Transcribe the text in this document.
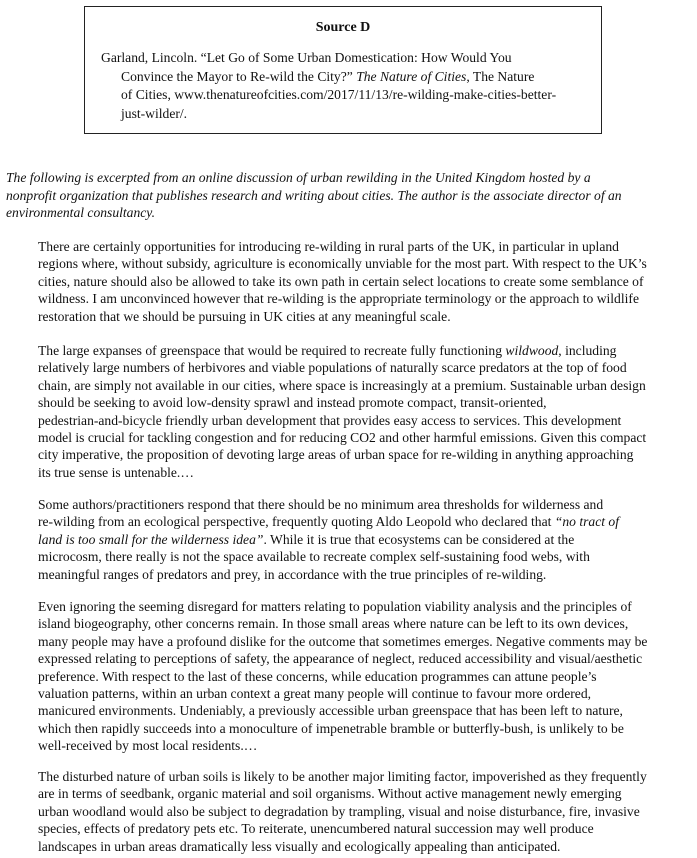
Source D
Garland, Lincoln. “Let Go of Some Urban Domestication: How Would You
Convince the Mayor to Re-wild the City?” The Nature of Cities, The Nature
of Cities, www.thenatureofcities.com/2017/11/13/re-wilding-make-cities-better-
just-wilder/.
The following is excerpted from an online discussion of urban rewilding in the United Kingdom hosted by a
nonprofit organization that publishes research and writing about cities. The author is the associate director of an
environmental consultancy.
There are certainly opportunities for introducing re-wilding in rural parts of the UK, in particular in upland
regions where, without subsidy, agriculture is economically unviable for the most part. With respect to the UK’s
cities, nature should also be allowed to take its own path in certain select locations to create some semblance of
wildness. I am unconvinced however that re-wilding is the appropriate terminology or the approach to wildlife
restoration that we should be pursuing in UK cities at any meaningful scale.
The large expanses of greenspace that would be required to recreate fully functioning wildwood, including
relatively large numbers of herbivores and viable populations of naturally scarce predators at the top of food
chain, are simply not available in our cities, where space is increasingly at a premium. Sustainable urban design
should be seeking to avoid low-density sprawl and instead promote compact, transit-oriented,
pedestrian-and-bicycle friendly urban development that provides easy access to services. This development
model is crucial for tackling congestion and for reducing CO2 and other harmful emissions. Given this compact
city imperative, the proposition of devoting large areas of urban space for re-wilding in anything approaching
its true sense is untenable.…
Some authors/practitioners respond that there should be no minimum area thresholds for wilderness and
re-wilding from an ecological perspective, frequently quoting Aldo Leopold who declared that “no tract of
land is too small for the wilderness idea”. While it is true that ecosystems can be considered at the
microcosm, there really is not the space available to recreate complex self-sustaining food webs, with
meaningful ranges of predators and prey, in accordance with the true principles of re-wilding.
Even ignoring the seeming disregard for matters relating to population viability analysis and the principles of
island biogeography, other concerns remain. In those small areas where nature can be left to its own devices,
many people may have a profound dislike for the outcome that sometimes emerges. Negative comments may be
expressed relating to perceptions of safety, the appearance of neglect, reduced accessibility and visual/aesthetic
preference. With respect to the last of these concerns, while education programmes can attune people’s
valuation patterns, within an urban context a great many people will continue to favour more ordered,
manicured environments. Undeniably, a previously accessible urban greenspace that has been left to nature,
which then rapidly succeeds into a monoculture of impenetrable bramble or butterfly-bush, is unlikely to be
well-received by most local residents.…
The disturbed nature of urban soils is likely to be another major limiting factor, impoverished as they frequently
are in terms of seedbank, organic material and soil organisms. Without active management newly emerging
urban woodland would also be subject to degradation by trampling, visual and noise disturbance, fire, invasive
species, effects of predatory pets etc. To reiterate, unencumbered natural succession may well produce
landscapes in urban areas dramatically less visually and ecologically appealing than anticipated.
